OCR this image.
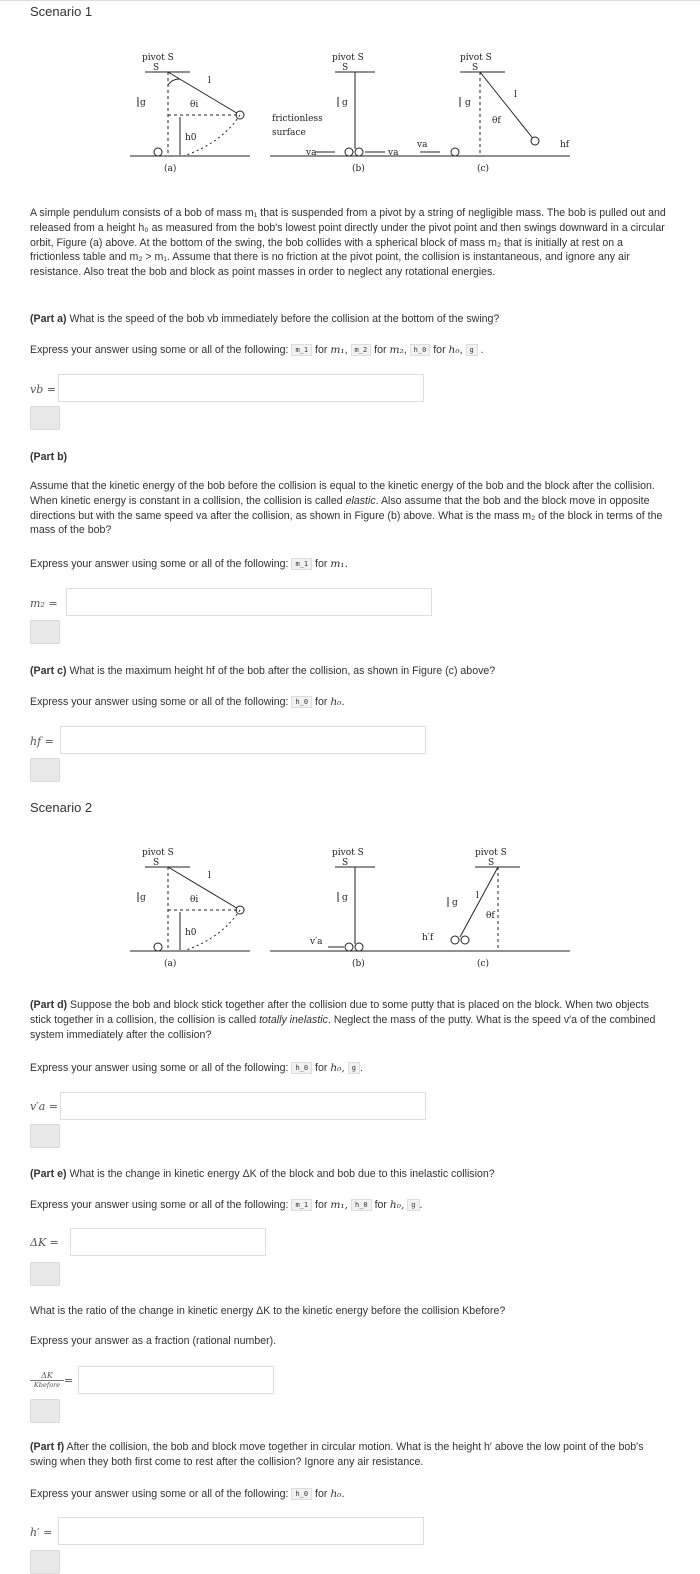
Scenario 1
pivot S
S
θi
l
h0
g
(a)
pivot S
S
frictionless
surface
g
va	va
(b)
pivot S
S
l
θf
hf
g
va
(c)
A simple pendulum consists of a bob of mass m₁ that is suspended from a pivot by a string of negligible mass. The bob is pulled out and released from a height h₀ as measured from the bob's lowest point directly under the pivot point and then swings downward in a circular orbit, Figure (a) above. At the bottom of the swing, the bob collides with a spherical block of mass m₂ that is initially at rest on a frictionless table and m₂ > m₁. Assume that there is no friction at the pivot point, the collision is instantaneous, and ignore any air resistance. Also treat the bob and block as point masses in order to neglect any rotational energies.
(Part a) What is the speed of the bob vb immediately before the collision at the bottom of the swing?
Express your answer using some or all of the following: m_1 for m₁, m_2 for m₂, h_0 for h₀, g .
vb =
(Part b)
Assume that the kinetic energy of the bob before the collision is equal to the kinetic energy of the bob and the block after the collision. When kinetic energy is constant in a collision, the collision is called elastic. Also assume that the bob and the block move in opposite directions but with the same speed va after the collision, as shown in Figure (b) above. What is the mass m₂ of the block in terms of the mass of the bob?
Express your answer using some or all of the following: m_1 for m₁.
m₂ =
(Part c) What is the maximum height hf of the bob after the collision, as shown in Figure (c) above?
Express your answer using some or all of the following: h_0 for h₀.
hf =
Scenario 2
pivot S
S
θi
l
h0
g
(a)
pivot S
S
g
v′a
(b)
pivot S
S
l
θf
h′f
g
(c)
(Part d) Suppose the bob and block stick together after the collision due to some putty that is placed on the block. When two objects stick together in a collision, the collision is called totally inelastic. Neglect the mass of the putty. What is the speed v′a of the combined system immediately after the collision?
Express your answer using some or all of the following: h_0 for h₀, g .
v′a =
(Part e) What is the change in kinetic energy ΔK of the block and bob due to this inelastic collision?
Express your answer using some or all of the following: m_1 for m₁, h_0 for h₀, g .
ΔK =
What is the ratio of the change in kinetic energy ΔK to the kinetic energy before the collision Kbefore?
Express your answer as a fraction (rational number).
ΔK
Kbefore =
(Part f) After the collision, the bob and block move together in circular motion. What is the height h′ above the low point of the bob's swing when they both first come to rest after the collision? Ignore any air resistance.
Express your answer using some or all of the following: h_0 for h₀.
h′ =
